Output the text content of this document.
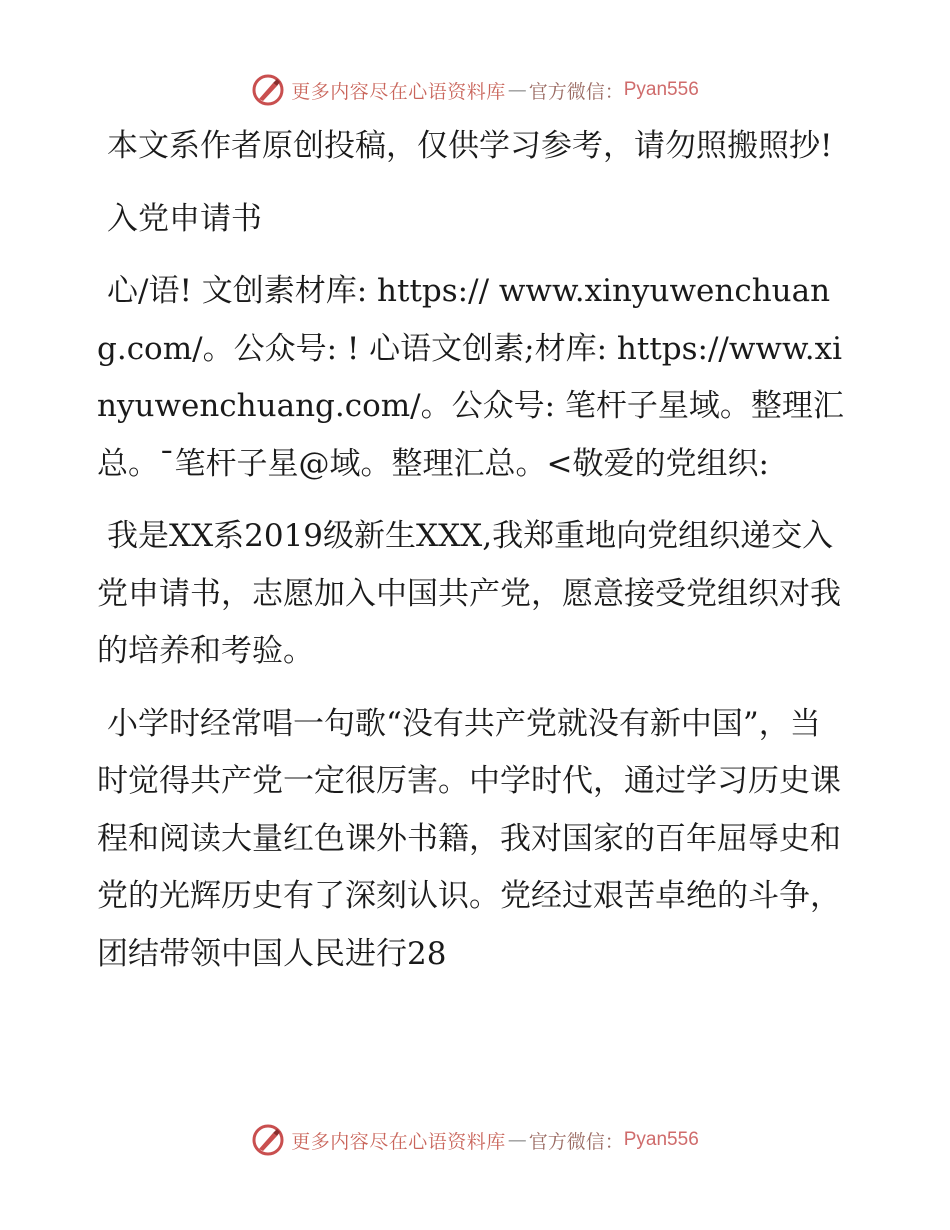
更多内容尽在心语资料库 — 官方微信： Pyan556

本文系作者原创投稿，仅供学习参考，请勿照搬照抄!

入党申请书

心/语! 文创素材库: https:// www.xinyuwenchuang.com/。公众号: ! 心语文创素;材库: https://www.xinyuwenchuang.com/。公众号: 笔杆子星域。整理汇总。¯笔杆子星@域。整理汇总。<敬爱的党组织:

我是XX系2019级新生XXX,我郑重地向党组织递交入党申请书，志愿加入中国共产党，愿意接受党组织对我的培养和考验。

小学时经常唱一句歌“没有共产党就没有新中国”，当时觉得共产党一定很厉害。中学时代，通过学习历史课程和阅读大量红色课外书籍，我对国家的百年屈辱史和党的光辉历史有了深刻认识。党经过艰苦卓绝的斗争，团结带领中国人民进行28

更多内容尽在心语资料库 — 官方微信： Pyan556
